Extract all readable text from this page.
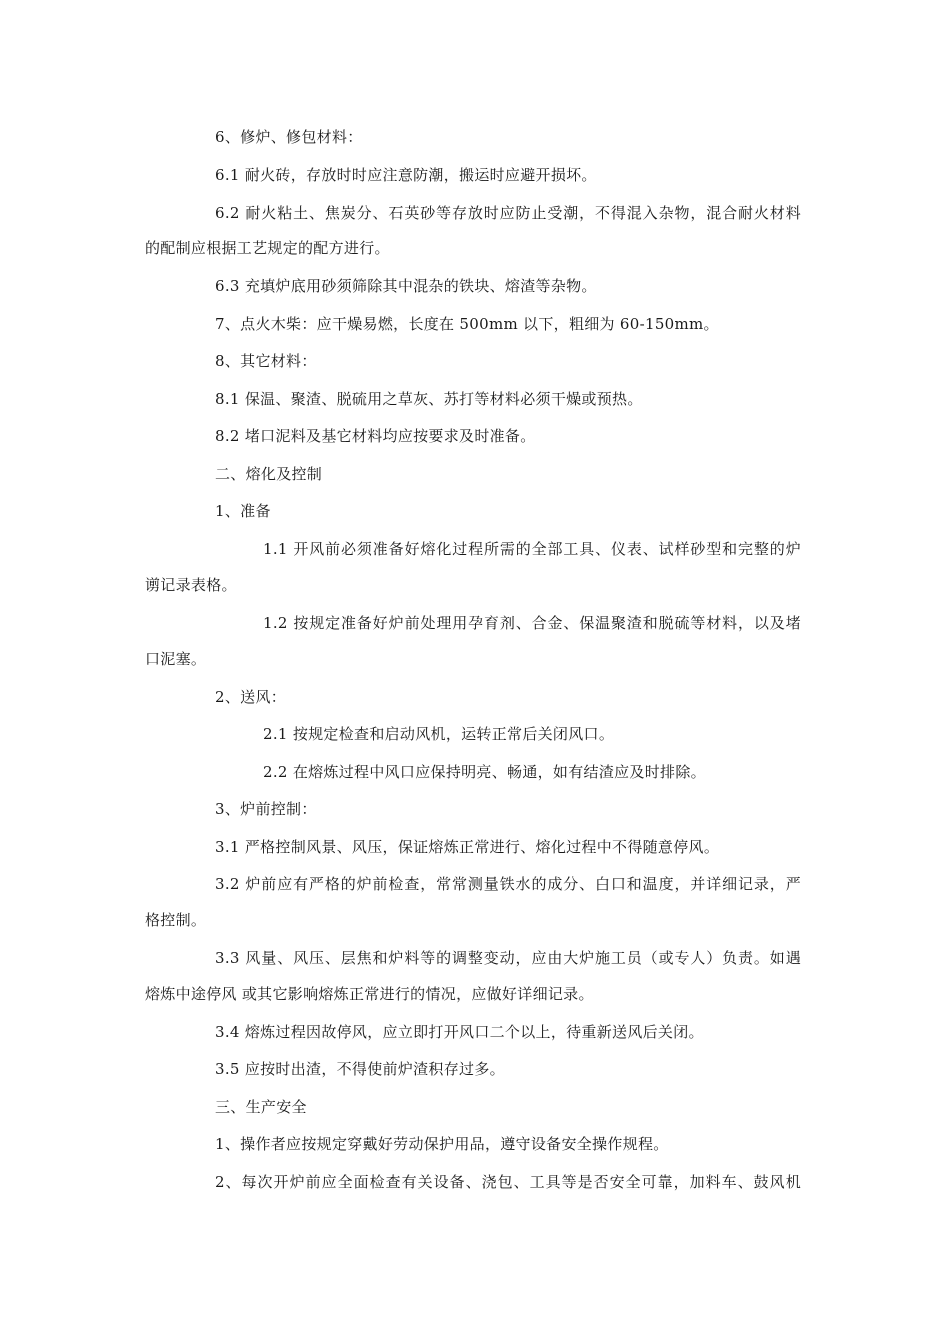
6、修炉、修包材料：
6.1 耐火砖，存放时时应注意防潮，搬运时应避开损坏。
6.2 耐火粘土、焦炭分、石英砂等存放时应防止受潮，不得混入杂物，混合耐火材料
的配制应根据工艺规定的配方进行。
6.3 充填炉底用砂须筛除其中混杂的铁块、熔渣等杂物。
7、点火木柴：应干燥易燃，长度在 500mm 以下，粗细为 60-150mm。
8、其它材料：
8.1 保温、聚渣、脱硫用之草灰、苏打等材料必须干燥或预热。
8.2 堵口泥料及基它材料均应按要求及时准备。
二、熔化及控制
1、准备
1.1 开风前必须准备好熔化过程所需的全部工具、仪表、试样砂型和完整的炉
谫记录表格。
1.2 按规定准备好炉前处理用孕育剂、合金、保温聚渣和脱硫等材料，以及堵
口泥塞。
2、送风：
2.1 按规定检查和启动风机，运转正常后关闭风口。
2.2 在熔炼过程中风口应保持明亮、畅通，如有结渣应及时排除。
3、炉前控制：
3.1 严格控制风景、风压，保证熔炼正常进行、熔化过程中不得随意停风。
3.2 炉前应有严格的炉前检查，常常测量铁水的成分、白口和温度，并详细记录，严
格控制。
3.3 风量、风压、层焦和炉料等的调整变动，应由大炉施工员（或专人）负责。如遇
熔炼中途停风 或其它影响熔炼正常进行的情况，应做好详细记录。
3.4 熔炼过程因故停风，应立即打开风口二个以上，待重新送风后关闭。
3.5 应按时出渣，不得使前炉渣积存过多。
三、生产安全
1、操作者应按规定穿戴好劳动保护用品，遵守设备安全操作规程。
2、每次开炉前应全面检查有关设备、浇包、工具等是否安全可靠，加料车、鼓风机
